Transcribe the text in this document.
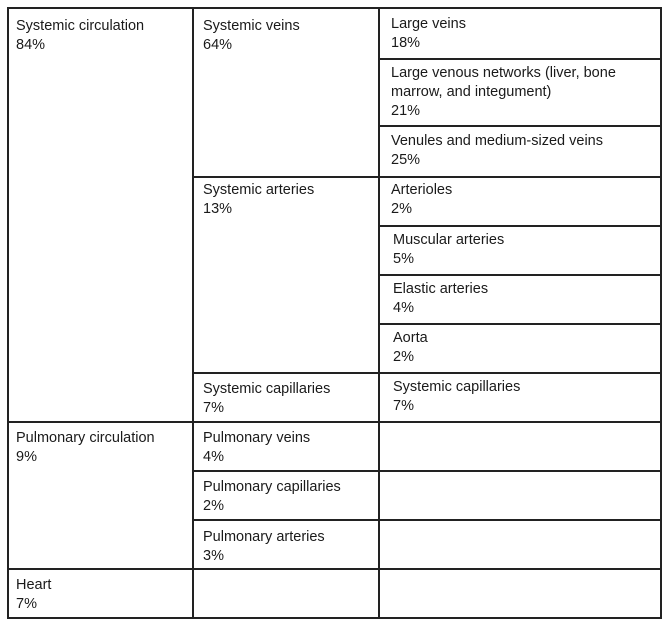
Systemic circulation
84%
Pulmonary circulation
9%
Heart
7%
Systemic veins
64%
Systemic arteries
13%
Systemic capillaries
7%
Pulmonary veins
4%
Pulmonary capillaries
2%
Pulmonary arteries
3%
Large veins
18%
Large venous networks (liver, bone marrow, and integument)
21%
Venules and medium-sized veins
25%
Arterioles
2%
Muscular arteries
5%
Elastic arteries
4%
Aorta
2%
Systemic capillaries
7%
